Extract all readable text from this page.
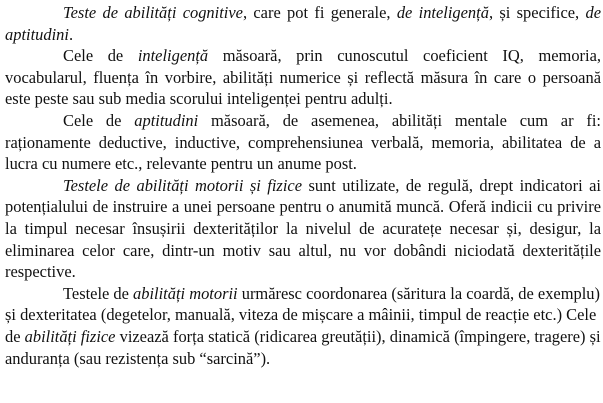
Teste de abilități cognitive, care pot fi generale, de inteligență, și specifice, de aptitudini.

Cele de inteligență măsoară, prin cunoscutul coeficient IQ, memoria, vocabularul, fluența în vorbire, abilități numerice și reflectă măsura în care o persoană este peste sau sub media scorului inteligenței pentru adulți.

Cele de aptitudini măsoară, de asemenea, abilități mentale cum ar fi: raționamente deductive, inductive, comprehensiunea verbală, memoria, abilitatea de a lucra cu numere etc., relevante pentru un anume post.

Testele de abilități motorii și fizice sunt utilizate, de regulă, drept indicatori ai potențialului de instruire a unei persoane pentru o anumită muncă. Oferă indicii cu privire la timpul necesar însușirii dexterităților la nivelul de acuratețe necesar și, desigur, la eliminarea celor care, dintr-un motiv sau altul, nu vor dobândi niciodată dexteritățile respective.

Testele de abilități motorii urmăresc coordonarea (săritura la coardă, de exemplu) și dexteritatea (degetelor, manuală, viteza de mișcare a mâinii, timpul de reacție etc.) Cele de abilități fizice vizează forța statică (ridicarea greutății), dinamică (împingere, tragere) și anduranța (sau rezistența sub “sarcină”).
